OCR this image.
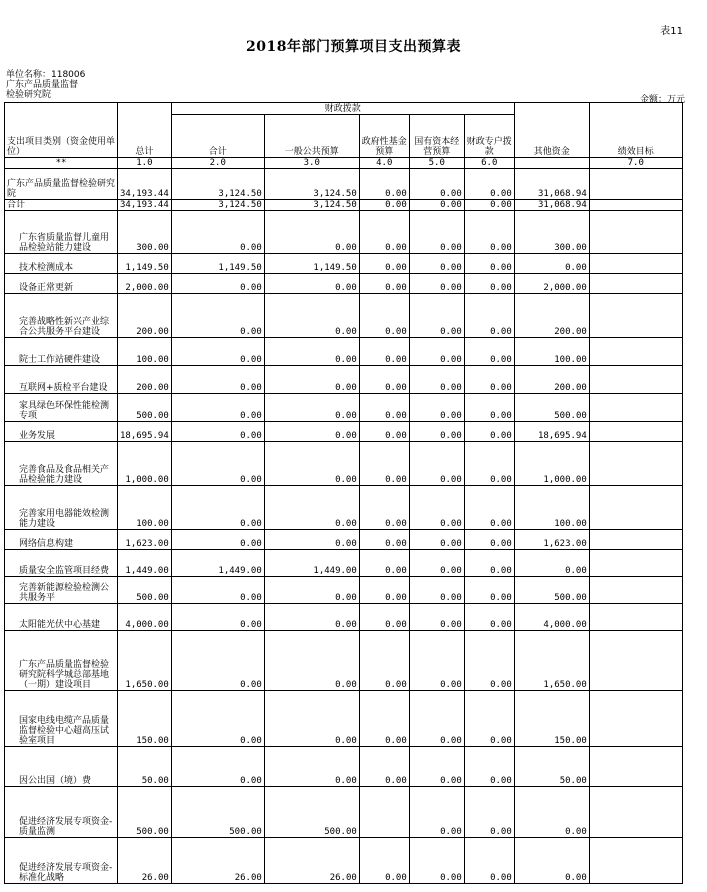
表11
2018年部门预算项目支出预算表
单位名称：118006
广东产品质量监督
检验研究院	金额：万元
支出项目类别（资金使用单位）	总计	财政拨款					其他资金	绩效目标
		合计	一般公共预算	政府性基金预算	国有资本经营预算	财政专户拨款		
**	1.0	2.0	3.0	4.0	5.0	6.0		7.0
广东产品质量监督检验研究院	34,193.44	3,124.50	3,124.50	0.00	0.00	0.00	31,068.94	
合计	34,193.44	3,124.50	3,124.50	0.00	0.00	0.00	31,068.94	
广东省质量监督儿童用品检验站能力建设	300.00	0.00	0.00	0.00	0.00	0.00	300.00	
技术检测成本	1,149.50	1,149.50	1,149.50	0.00	0.00	0.00	0.00	
设备正常更新	2,000.00	0.00	0.00	0.00	0.00	0.00	2,000.00	
完善战略性新兴产业综合公共服务平台建设	200.00	0.00	0.00	0.00	0.00	0.00	200.00	
院士工作站硬件建设	100.00	0.00	0.00	0.00	0.00	0.00	100.00	
互联网+质检平台建设	200.00	0.00	0.00	0.00	0.00	0.00	200.00	
家具绿色环保性能检测专项	500.00	0.00	0.00	0.00	0.00	0.00	500.00	
业务发展	18,695.94	0.00	0.00	0.00	0.00	0.00	18,695.94	
完善食品及食品相关产品检验能力建设	1,000.00	0.00	0.00	0.00	0.00	0.00	1,000.00	
完善家用电器能效检测能力建设	100.00	0.00	0.00	0.00	0.00	0.00	100.00	
网络信息构建	1,623.00	0.00	0.00	0.00	0.00	0.00	1,623.00	
质量安全监管项目经费	1,449.00	1,449.00	1,449.00	0.00	0.00	0.00	0.00	
完善新能源检验检测公共服务平	500.00	0.00	0.00	0.00	0.00	0.00	500.00	
太阳能光伏中心基建	4,000.00	0.00	0.00	0.00	0.00	0.00	4,000.00	
广东产品质量监督检验研究院科学城总部基地（一期）建设项目	1,650.00	0.00	0.00	0.00	0.00	0.00	1,650.00	
国家电线电缆产品质量监督检验中心超高压试验室项目	150.00	0.00	0.00	0.00	0.00	0.00	150.00	
因公出国（境）费	50.00	0.00	0.00	0.00	0.00	0.00	50.00	
促进经济发展专项资金-质量监测	500.00	500.00	500.00		0.00	0.00	0.00	
促进经济发展专项资金-标准化战略	26.00	26.00	26.00	0.00	0.00	0.00	0.00	
